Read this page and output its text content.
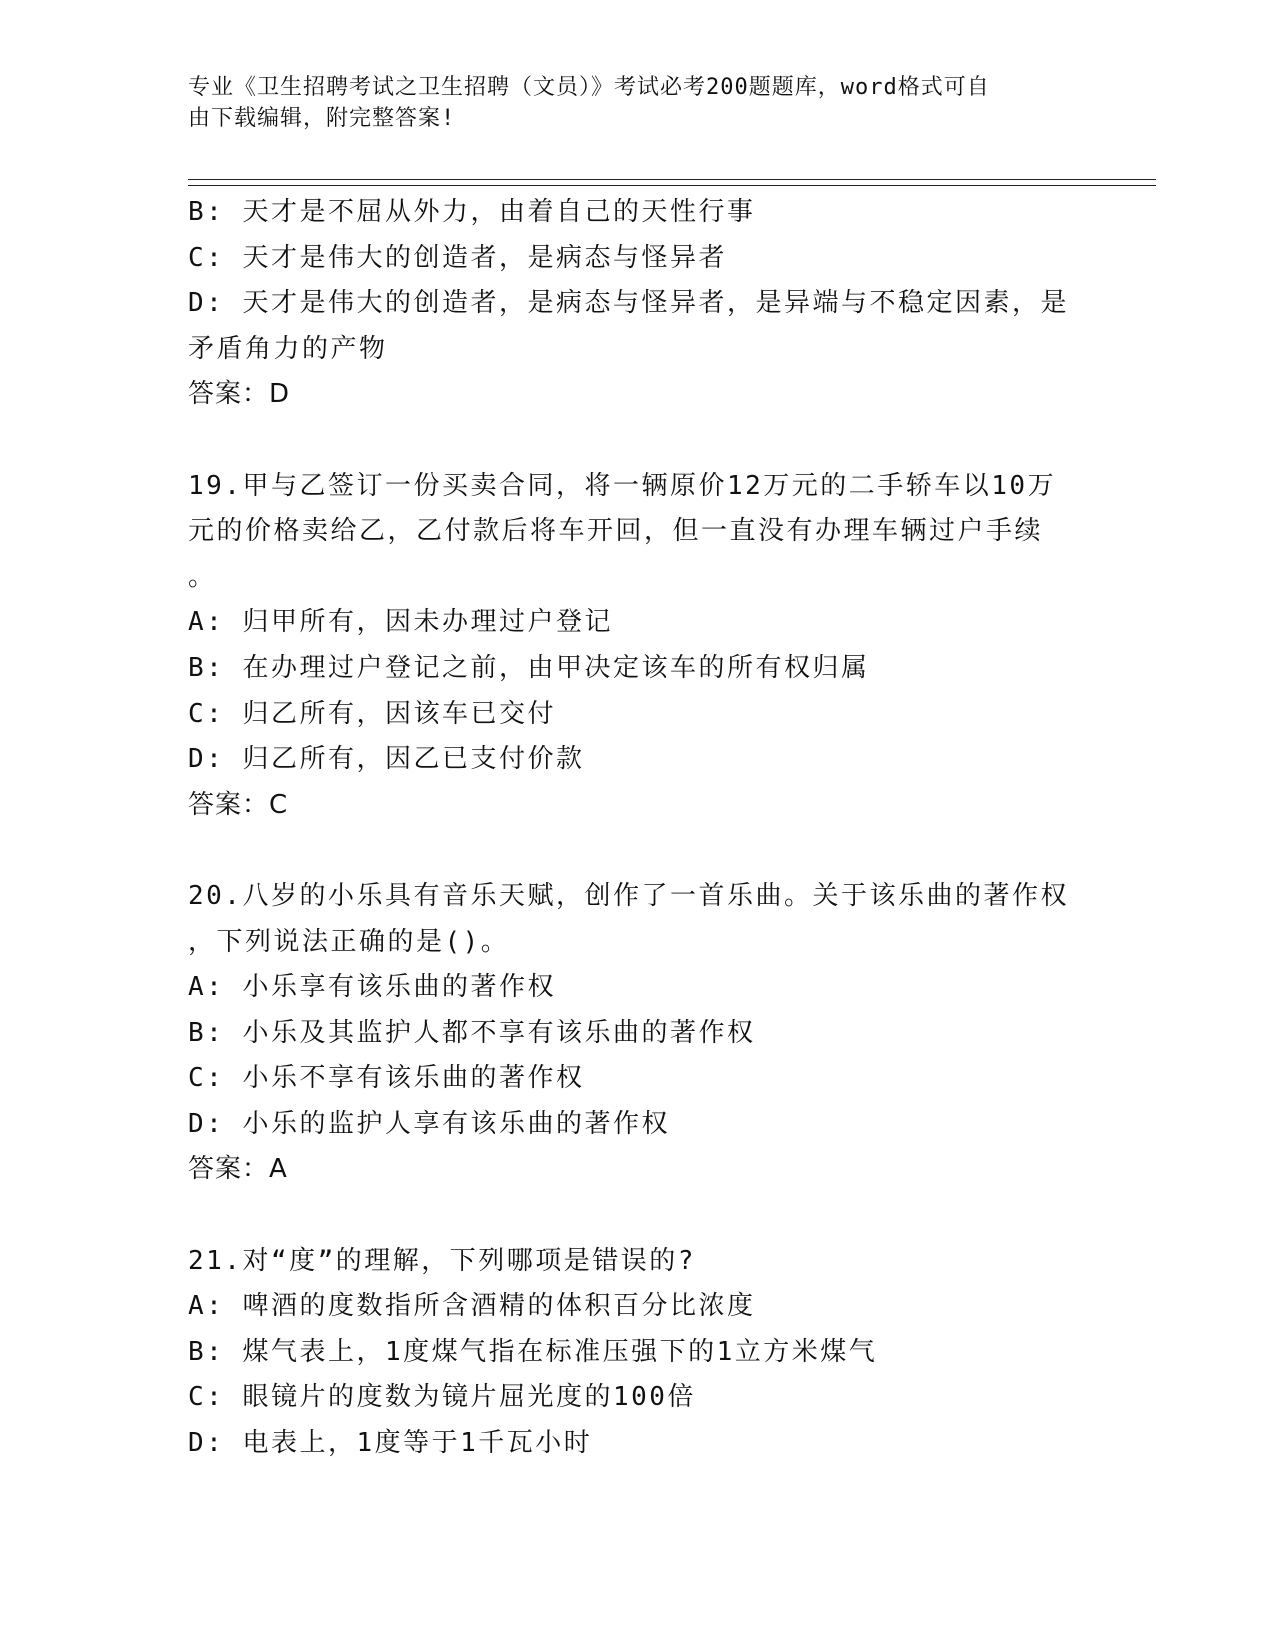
专业《卫生招聘考试之卫生招聘（文员）》考试必考200题题库，word格式可自
由下载编辑，附完整答案!
B: 天才是不屈从外力，由着自己的天性行事
C: 天才是伟大的创造者，是病态与怪异者
D: 天才是伟大的创造者，是病态与怪异者，是异端与不稳定因素，是
矛盾角力的产物
答案：D
19.甲与乙签订一份买卖合同，将一辆原价12万元的二手轿车以10万
元的价格卖给乙，乙付款后将车开回，但一直没有办理车辆过户手续
。
A: 归甲所有，因未办理过户登记
B: 在办理过户登记之前，由甲决定该车的所有权归属
C: 归乙所有，因该车已交付
D: 归乙所有，因乙已支付价款
答案：C
20.八岁的小乐具有音乐天赋，创作了一首乐曲。关于该乐曲的著作权
，下列说法正确的是()。
A: 小乐享有该乐曲的著作权
B: 小乐及其监护人都不享有该乐曲的著作权
C: 小乐不享有该乐曲的著作权
D: 小乐的监护人享有该乐曲的著作权
答案：A
21.对“度”的理解，下列哪项是错误的?
A: 啤酒的度数指所含酒精的体积百分比浓度
B: 煤气表上，1度煤气指在标准压强下的1立方米煤气
C: 眼镜片的度数为镜片屈光度的100倍
D: 电表上，1度等于1千瓦小时
